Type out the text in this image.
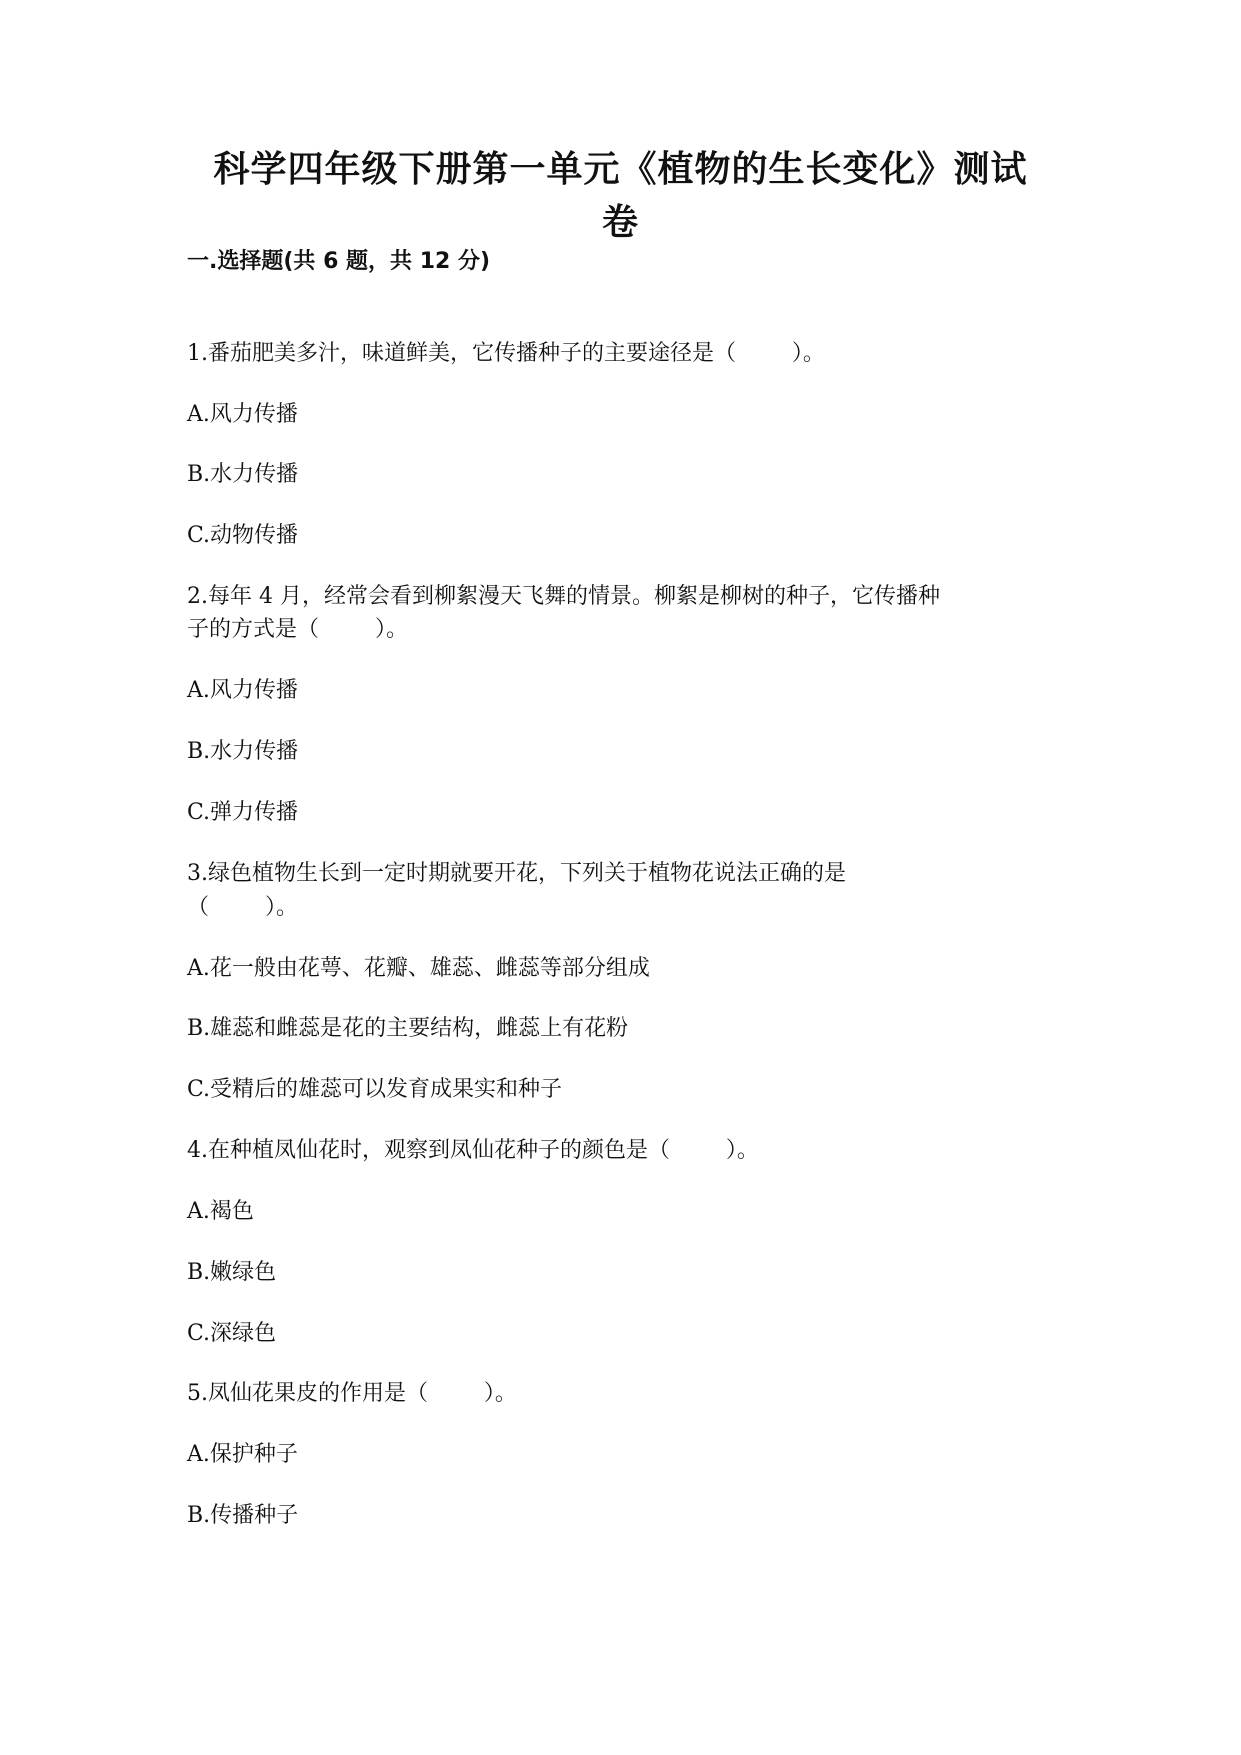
科学四年级下册第一单元《植物的生长变化》测试
卷
一.选择题(共 6 题，共 12 分)
1.番茄肥美多汁，味道鲜美，它传播种子的主要途径是（        ）。
A.风力传播
B.水力传播
C.动物传播
2.每年 4 月，经常会看到柳絮漫天飞舞的情景。柳絮是柳树的种子，它传播种
子的方式是（        ）。
A.风力传播
B.水力传播
C.弹力传播
3.绿色植物生长到一定时期就要开花，下列关于植物花说法正确的是
（        ）。
A.花一般由花萼、花瓣、雄蕊、雌蕊等部分组成
B.雄蕊和雌蕊是花的主要结构，雌蕊上有花粉
C.受精后的雄蕊可以发育成果实和种子
4.在种植凤仙花时，观察到凤仙花种子的颜色是（        ）。
A.褐色
B.嫩绿色
C.深绿色
5.凤仙花果皮的作用是（        ）。
A.保护种子
B.传播种子
